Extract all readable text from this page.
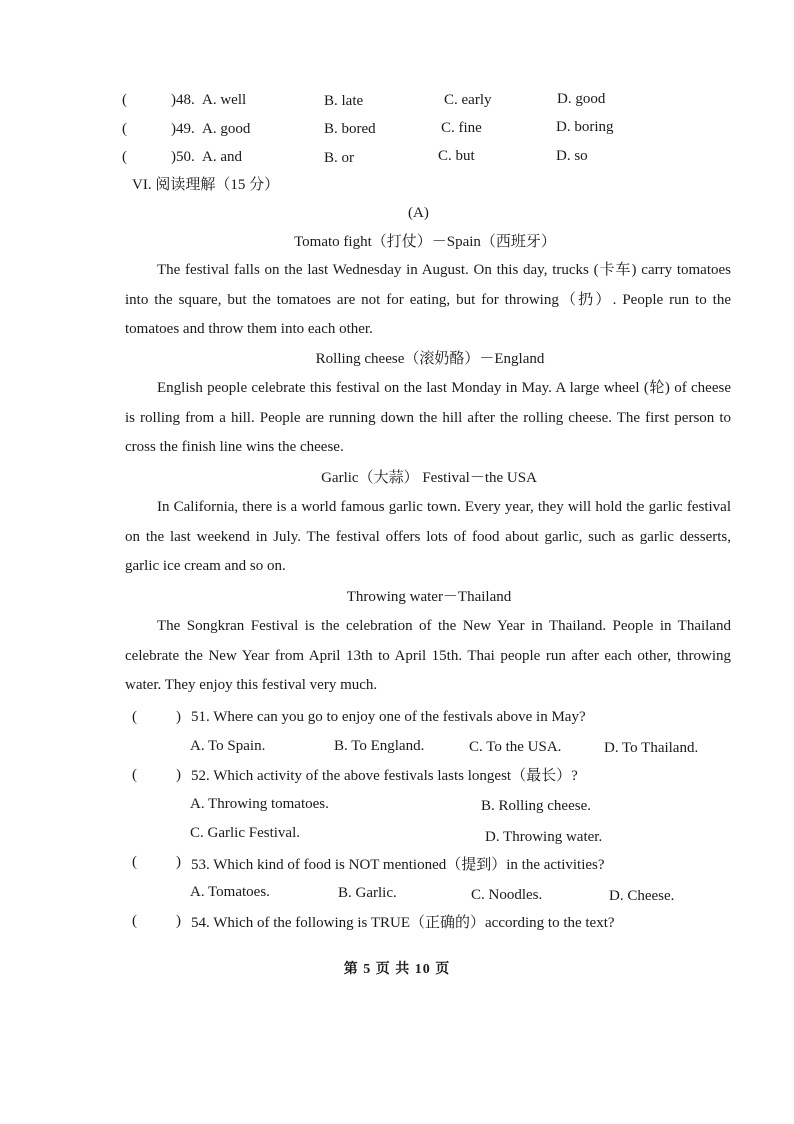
(	)48. A. well	B. late	C. early	D. good
(	)49. A. good	B. bored	C. fine	D. boring
(	)50. A. and	B. or	C. but	D. so
VI. 阅读理解（15 分）
(A)
Tomato fight（打仗）－Spain（西班牙）
The festival falls on the last Wednesday in August. On this day, trucks (卡车) carry tomatoes into the square, but the tomatoes are not for eating, but for throwing（扔）. People run to the tomatoes and throw them into each other.
Rolling cheese（滚奶酪）－England
English people celebrate this festival on the last Monday in May. A large wheel (轮) of cheese is rolling from a hill. People are running down the hill after the rolling cheese. The first person to cross the finish line wins the cheese.
Garlic（大蒜） Festival－the USA
In California, there is a world famous garlic town. Every year, they will hold the garlic festival on the last weekend in July. The festival offers lots of food about garlic, such as garlic desserts, garlic ice cream and so on.
Throwing water－Thailand
The Songkran Festival is the celebration of the New Year in Thailand. People in Thailand celebrate the New Year from April 13th to April 15th. Thai people run after each other, throwing water. They enjoy this festival very much.
(	) 51. Where can you go to enjoy one of the festivals above in May?
A. To Spain.	B. To England.	C. To the USA.	D. To Thailand.
(	) 52. Which activity of the above festivals lasts longest（最长）?
A. Throwing tomatoes.	B. Rolling cheese.
C. Garlic Festival.	D. Throwing water.
(	) 53. Which kind of food is NOT mentioned（提到）in the activities?
A. Tomatoes.	B. Garlic.	C. Noodles.	D. Cheese.
(	) 54. Which of the following is TRUE（正确的）according to the text?
第 5 页 共 10 页
